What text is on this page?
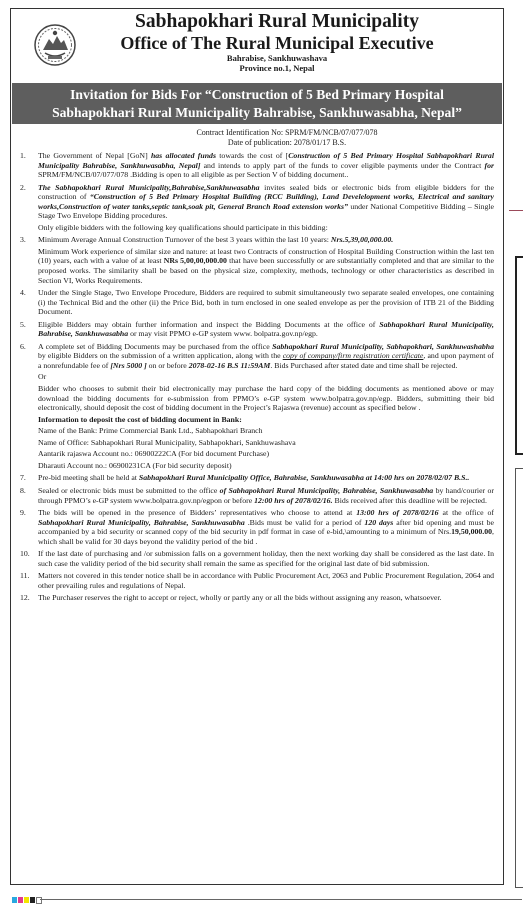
Sabhapokhari Rural Municipality
Office of The Rural Municipal Executive
Bahrabise, Sankhuwashava
Province no.1, Nepal
Invitation for Bids For “Construction of 5 Bed Primary Hospital
Sabhapokhari Rural Municipality Bahrabise, Sankhuwasabha, Nepal”
Contract Identification No: SPRM/FM/NCB/07/077/078
Date of publication: 2078/01/17 B.S.
1.	The Government of Nepal [GoN] has allocated funds towards the cost of [Construction of 5 Bed Primary Hospital Sabhapokhari Rural Municipality Bahrabise, Sankhuwasabha, Nepal] and intends to apply part of the funds to cover eligible payments under the Contract for SPRM/FM/NCB/07/077/078 .Bidding is open to all eligible as per Section V of bidding document..

2.	The Sabhapokhari Rural Municipality,Bahrabise,Sankhuwasabha invites sealed bids or electronic bids from eligible bidders for the construction of “Construction of 5 Bed Primary Hospital Building (RCC Building), Land Develelopment works, Electrical and sanitary works,Construction of water tanks,septic tank,soak pit, General Branch Road extension works” under National Competitive Bidding – Single Stage Two Envelope Bidding procedures.

Only eligible bidders with the following key qualifications should participate in this bidding:

3.	Minimum Average Annual Construction Turnover of the best 3 years within the last 10 years: Nrs.5,39,00,000.00.

Minimum Work experience of similar size and nature: at least two Contracts of construction of Hospital Building Construction within the last ten (10) years, each with a value of at least NRs 5,00,00,000.00 that have been successfully or are substantially completed and that are similar to the proposed works. The similarity shall be based on the physical size, complexity, methods, technology or other characteristics as described in Section VI, Works Requirements.

4.	Under the Single Stage, Two Envelope Procedure, Bidders are required to submit simultaneously two separate sealed envelopes, one containing (i) the Technical Bid and the other (ii) the Price Bid, both in turn enclosed in one sealed envelope as per the provision of ITB 21 of the Bidding Document.

5.	Eligible Bidders may obtain further information and inspect the Bidding Documents at the office of Sabhapokhari Rural Municipality, Bahrabise, Sankhuwasabha or may visit PPMO e-GP system www. bolpatra.gov.np/egp.

6.	A complete set of Bidding Documents may be purchased from the office Sabhapokhari Rural Municipality, Sabhapokhari, Sankhuwashabha by eligible Bidders on the submission of a written application, along with the copy of company/firm registration certificate, and upon payment of a nonrefundable fee of [Nrs 5000 ] on or before 2078-02-16 B.S 11:59AM. Bids Purchased after stated date and time shall be rejected.

Or

Bidder who chooses to submit their bid electronically may purchase the hard copy of the bidding documents as mentioned above or may download the bidding documents for e-submission from PPMO’s e-GP system www.bolpatra.gov.np/egp. Bidders, submitting their bid electronically, should deposit the cost of bidding document in the Project’s Rajaswa (revenue) account as specified below .

Information to deposit the cost of bidding document in Bank:

Name of the Bank: Prime Commercial Bank Ltd., Sabhapokhari Branch

Name of Office: Sabhapokhari Rural Municipality, Sabhapokhari, Sankhuwashava

Aantarik rajaswa Account no.: 06900222CA (For bid document Purchase)

Dharauti Account no.: 06900231CA (For bid security deposit)

7.	Pre-bid meeting shall be held at Sabhapokhari Rural Municipality Office, Bahrabise, Sankhuwasabha at 14:00 hrs on 2078/02/07 B.S..

8.	Sealed or electronic bids must be submitted to the office of Sabhapokhari Rural Municipality, Bahrabise, Sankhuwasabha by hand/courier or through PPMO’s e-GP system www.bolpatra.gov.np/egpon or before 12:00 hrs of 2078/02/16. Bids received after this deadline will be rejected.

9.	The bids will be opened in the presence of Bidders’ representatives who choose to attend at 13:00 hrs of 2078/02/16 at the office of Sabhapokhari Rural Municipality, Bahrabise, Sankhuwasabha .Bids must be valid for a period of 120 days after bid opening and must be accompanied by a bid security or scanned copy of the bid security in pdf format in case of e-bid,\amounting to a minimum of Nrs.19,50,000.00, which shall be valid for 30 days beyond the validity period of the bid .

10.	If the last date of purchasing and /or submission falls on a government holiday, then the next working day shall be considered as the last date. In such case the validity period of the bid security shall remain the same as specified for the original last date of bid submission.

11.	Matters not covered in this tender notice shall be in accordance with Public Procurement Act, 2063 and Public Procurement Regulation, 2064 and other prevailing rules and regulations of Nepal.

12.	The Purchaser reserves the right to accept or reject, wholly or partly any or all the bids without assigning any reason, whatsoever.
